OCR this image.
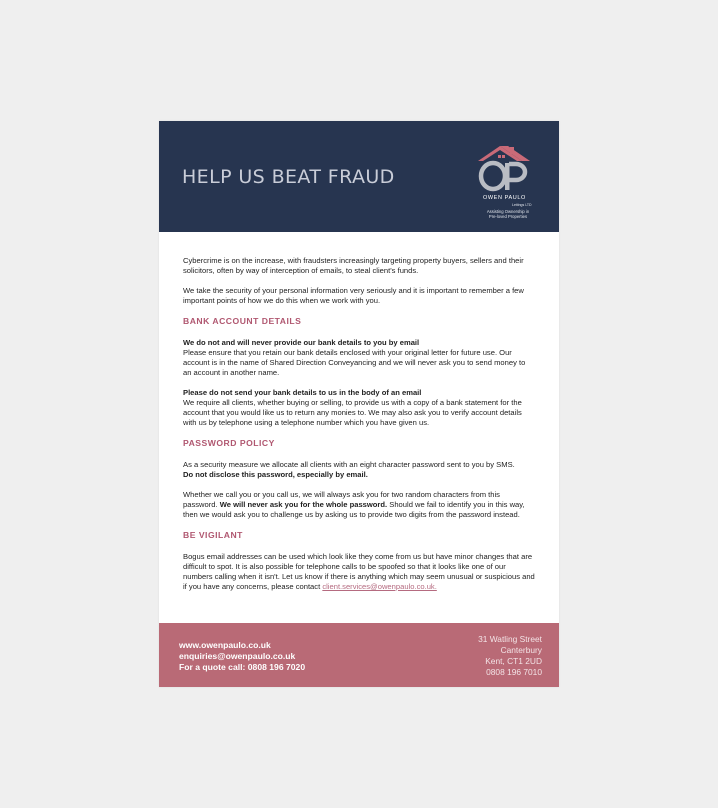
HELP US BEAT FRAUD
OWEN PAULO
Lettings LTD
Assisting Ownership in
Pre-loved Properties

Cybercrime is on the increase, with fraudsters increasingly targeting property buyers, sellers and their solicitors, often by way of interception of emails, to steal client's funds.

We take the security of your personal information very seriously and it is important to remember a few important points of how we do this when we work with you.

BANK ACCOUNT DETAILS

We do not and will never provide our bank details to you by email
Please ensure that you retain our bank details enclosed with your original letter for future use. Our account is in the name of Shared Direction Conveyancing and we will never ask you to send money to an account in another name.

Please do not send your bank details to us in the body of an email
We require all clients, whether buying or selling, to provide us with a copy of a bank statement for the account that you would like us to return any monies to. We may also ask you to verify account details with us by telephone using a telephone number which you have given us.

PASSWORD POLICY

As a security measure we allocate all clients with an eight character password sent to you by SMS.
Do not disclose this password, especially by email.

Whether we call you or you call us, we will always ask you for two random characters from this password. We will never ask you for the whole password. Should we fail to identify you in this way, then we would ask you to challenge us by asking us to provide two digits from the password instead.

BE VIGILANT

Bogus email addresses can be used which look like they come from us but have minor changes that are difficult to spot. It is also possible for telephone calls to be spoofed so that it looks like one of our numbers calling when it isn't. Let us know if there is anything which may seem unusual or suspicious and if you have any concerns, please contact client.services@owenpaulo.co.uk.

www.owenpaulo.co.uk
enquiries@owenpaulo.co.uk
For a quote call: 0808 196 7020
31 Watling Street
Canterbury
Kent, CT1 2UD
0808 196 7010
